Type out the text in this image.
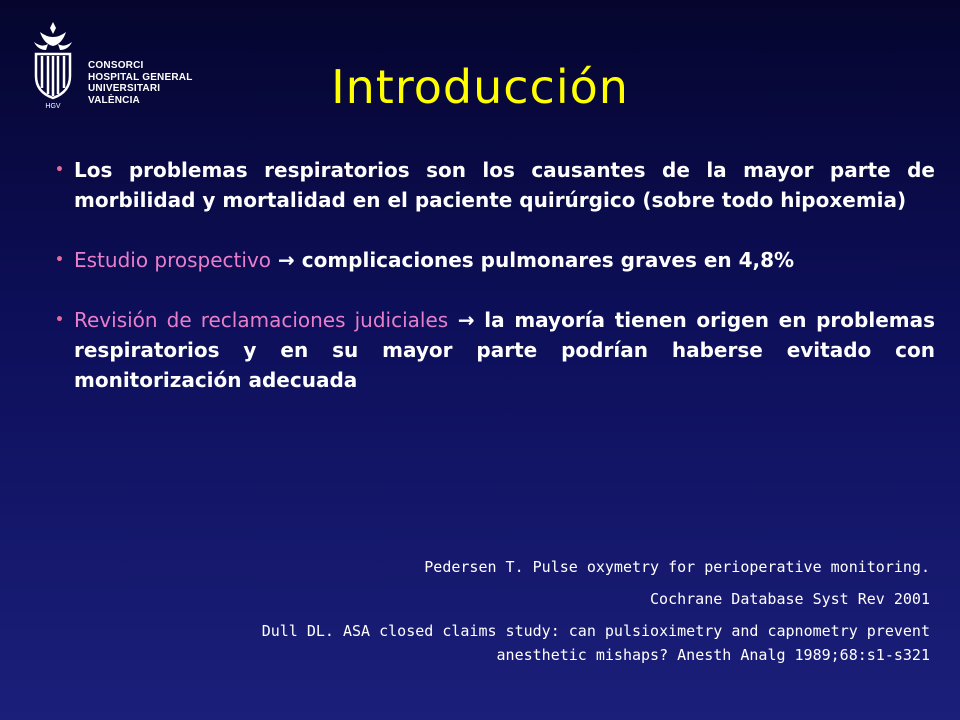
HGV
CONSORCI
HOSPITAL GENERAL
UNIVERSITARI
VALÈNCIA	Introducción
• Los problemas respiratorios son los causantes de la mayor parte de morbilidad y mortalidad en el paciente quirúrgico (sobre todo hipoxemia)
• Estudio prospectivo → complicaciones pulmonares graves en 4,8%
• Revisión de reclamaciones judiciales → la mayoría tienen origen en problemas respiratorios y en su mayor parte podrían haberse evitado con monitorización adecuada
Pedersen T. Pulse oxymetry for perioperative monitoring.
Cochrane Database Syst Rev 2001
Dull DL. ASA closed claims study: can pulsioximetry and capnometry prevent
anesthetic mishaps? Anesth Analg 1989;68:s1-s321
